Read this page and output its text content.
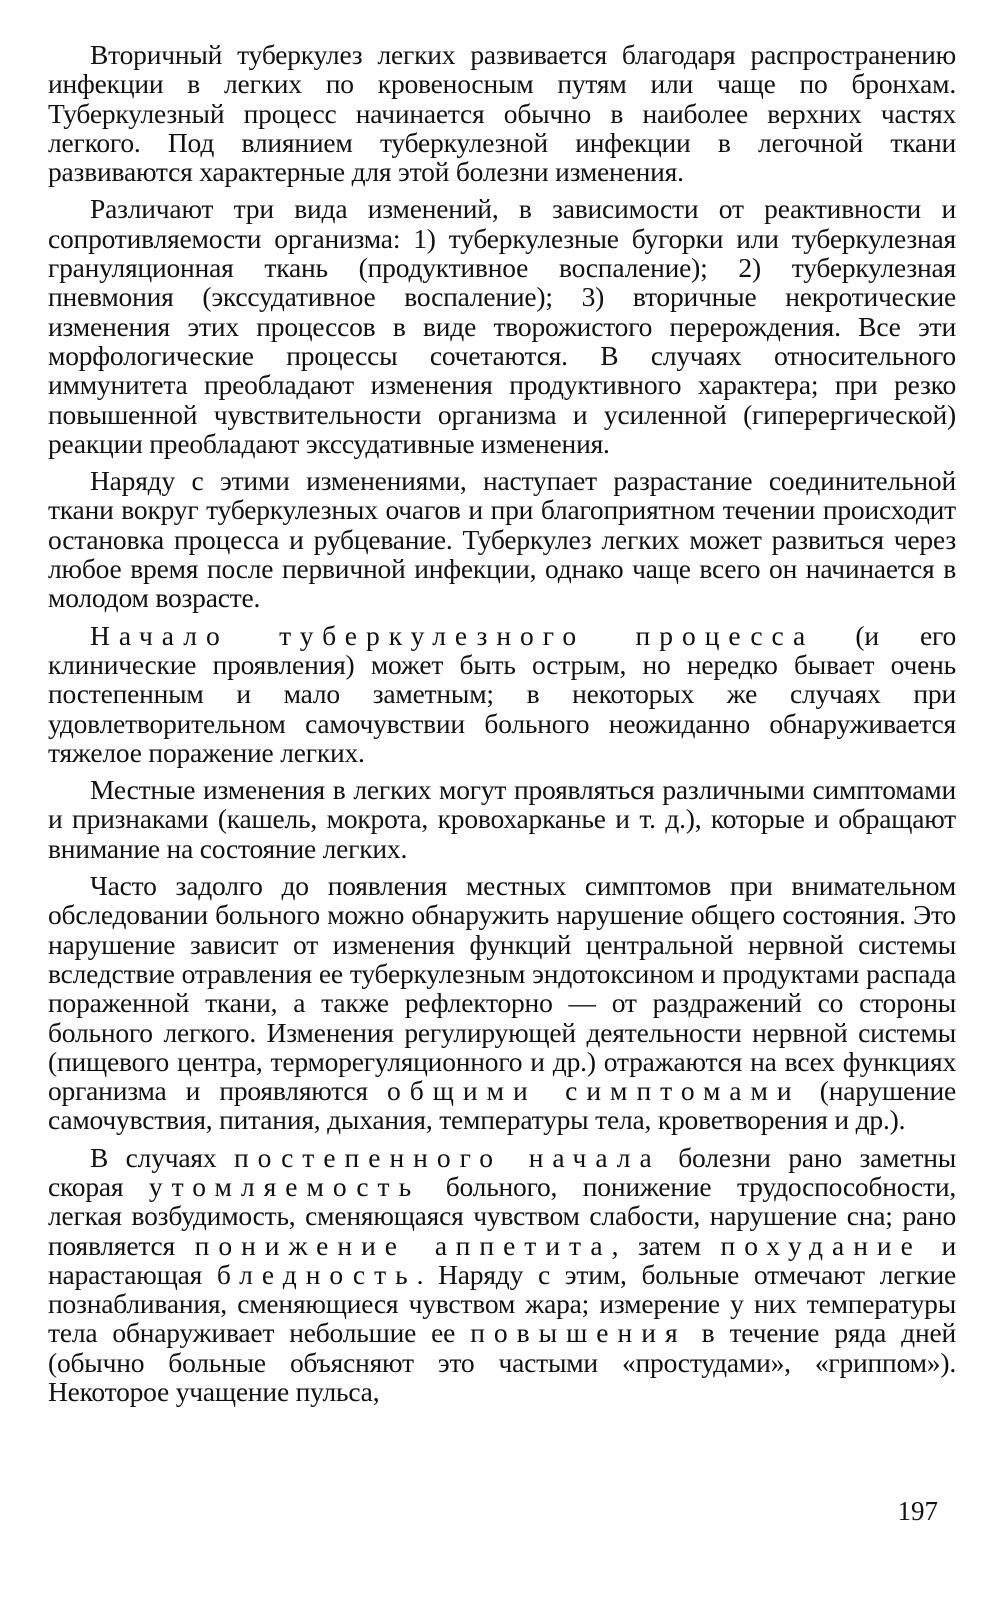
Вторичный туберкулез легких развивается благодаря распространению инфекции в легких по кровеносным путям или чаще по бронхам. Туберкулезный процесс начинается обычно в наиболее верхних частях легкого. Под влиянием туберкулезной инфекции в легочной ткани развиваются характерные для этой болезни изменения.

Различают три вида изменений, в зависимости от реактивности и сопротивляемости организма: 1) туберкулезные бугорки или туберкулезная грануляционная ткань (продуктивное воспаление); 2) туберкулезная пневмония (экссудативное воспаление); 3) вторичные некротические изменения этих процессов в виде творожистого перерождения. Все эти морфологические процессы сочетаются. В случаях относительного иммунитета преобладают изменения продуктивного характера; при резко повышенной чувствительности организма и усиленной (гиперергической) реакции преобладают экссудативные изменения.

Наряду с этими изменениями, наступает разрастание соединительной ткани вокруг туберкулезных очагов и при благоприятном течении происходит остановка процесса и рубцевание. Туберкулез легких может развиться через любое время после первичной инфекции, однако чаще всего он начинается в молодом возрасте.

Начало туберкулезного процесса (и его клинические проявления) может быть острым, но нередко бывает очень постепенным и мало заметным; в некоторых же случаях при удовлетворительном самочувствии больного неожиданно обнаруживается тяжелое поражение легких.

Местные изменения в легких могут проявляться различными симптомами и признаками (кашель, мокрота, кровохарканье и т. д.), которые и обращают внимание на состояние легких.

Часто задолго до появления местных симптомов при внимательном обследовании больного можно обнаружить нарушение общего состояния. Это нарушение зависит от изменения функций центральной нервной системы вследствие отравления ее туберкулезным эндотоксином и продуктами распада пораженной ткани, а также рефлекторно — от раздражений со стороны больного легкого. Изменения регулирующей деятельности нервной системы (пищевого центра, терморегуляционного и др.) отражаются на всех функциях организма и проявляются общими симптомами (нарушение самочувствия, питания, дыхания, температуры тела, кроветворения и др.).

В случаях постепенного начала болезни рано заметны скорая утомляемость больного, понижение трудоспособности, легкая возбудимость, сменяющаяся чувством слабости, нарушение сна; рано появляется понижение аппетита, затем похудание и нарастающая бледность. Наряду с этим, больные отмечают легкие познабливания, сменяющиеся чувством жара; измерение у них температуры тела обнаруживает небольшие ее повышения в течение ряда дней (обычно больные объясняют это частыми «простудами», «гриппом»). Некоторое учащение пульса,

197
